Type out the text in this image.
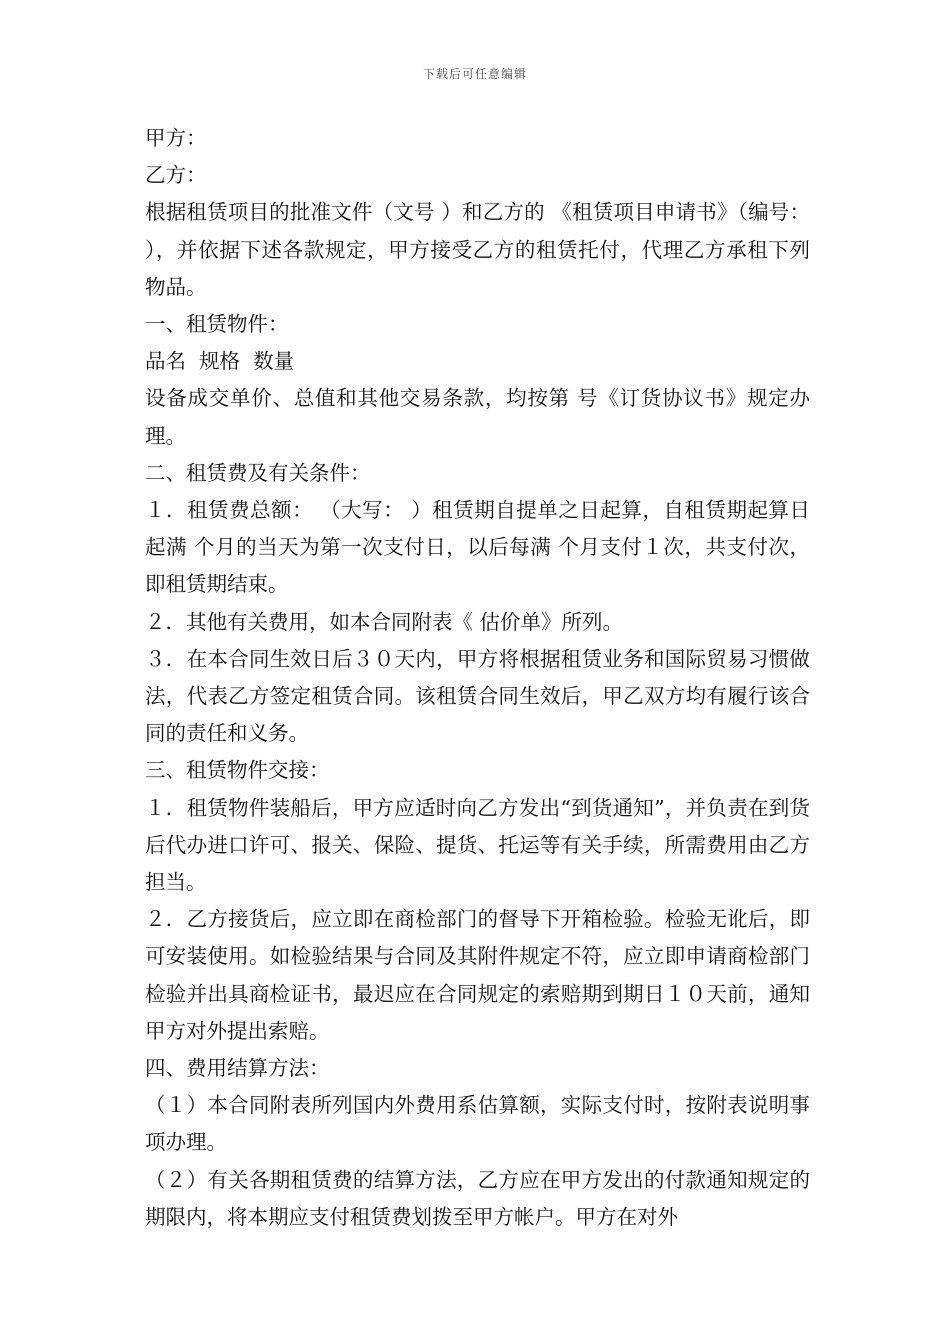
下载后可任意编辑

甲方：

乙方：

根据租赁项目的批准文件（文号 ）和乙方的 《租赁项目申请书》（编号： ），并依据下述各款规定，甲方接受乙方的租赁托付，代理乙方承租下列物品。

一、租赁物件：

品名  规格  数量

设备成交单价、总值和其他交易条款，均按第 号《订货协议书》规定办理。

二、租赁费及有关条件：

１．租赁费总额： （大写： ）租赁期自提单之日起算，自租赁期起算日起满 个月的当天为第一次支付日，以后每满 个月支付１次，共支付次，即租赁期结束。

２．其他有关费用，如本合同附表《 估价单》所列。

３．在本合同生效日后３０天内，甲方将根据租赁业务和国际贸易习惯做法，代表乙方签定租赁合同。该租赁合同生效后，甲乙双方均有履行该合同的责任和义务。

三、租赁物件交接：

１．租赁物件装船后，甲方应适时向乙方发出“到货通知”，并负责在到货后代办进口许可、报关、保险、提货、托运等有关手续，所需费用由乙方担当。

２．乙方接货后，应立即在商检部门的督导下开箱检验。检验无讹后，即可安装使用。如检验结果与合同及其附件规定不符，应立即申请商检部门检验并出具商检证书，最迟应在合同规定的索赔期到期日１０天前，通知甲方对外提出索赔。

四、费用结算方法：

（１）本合同附表所列国内外费用系估算额，实际支付时，按附表说明事项办理。

（２）有关各期租赁费的结算方法，乙方应在甲方发出的付款通知规定的期限内，将本期应支付租赁费划拨至甲方帐户。甲方在对外
